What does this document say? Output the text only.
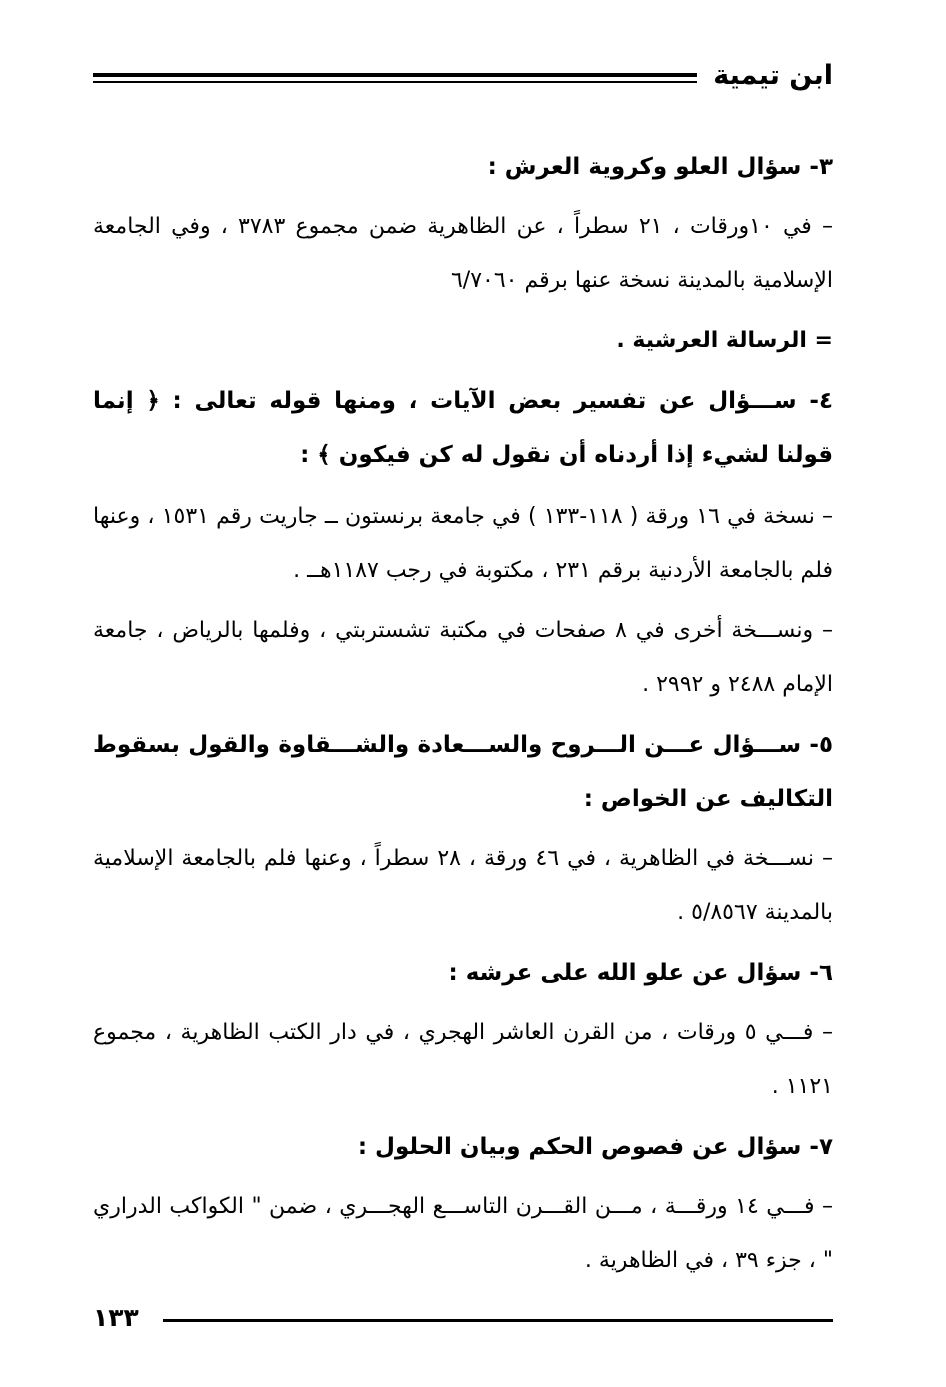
ابن تيمية

٣- سؤال العلو وكروية العرش :

– في ١٠ورقات ، ٢١ سطراً ، عن الظاهرية ضمن مجموع ٣٧٨٣ ، وفي الجامعة الإسلامية بالمدينة نسخة عنها برقم ٦/٧٠٦٠

= الرسالة العرشية .

٤- ســـؤال عن تفسير بعض الآيات ، ومنها قوله تعالى : ﴿ إنما قولنا لشيء إذا أردناه أن نقول له كن فيكون ﴾ :

– نسخة في ١٦ ورقة ( ١١٨-١٣٣ ) في جامعة برنستون ــ جاريت رقم ١٥٣١ ، وعنها فلم بالجامعة الأردنية برقم ٢٣١ ، مكتوبة في رجب ١١٨٧هــ .

– ونســـخة أخرى في ٨ صفحات في مكتبة تشستربتي ، وفلمها بالرياض ، جامعة الإمام ٢٤٨٨ و ٢٩٩٢ .

٥- ســـؤال عـــن الـــروح والســـعادة والشـــقاوة والقول بسقوط التكاليف عن الخواص :

– نســـخة في الظاهرية ، في ٤٦ ورقة ، ٢٨ سطراً ، وعنها فلم بالجامعة الإسلامية بالمدينة ٥/٨٥٦٧ .

٦- سؤال عن علو الله على عرشه :

– فـــي ٥ ورقات ، من القرن العاشر الهجري ، في دار الكتب الظاهرية ، مجموع ١١٢١ .

٧- سؤال عن فصوص الحكم وبيان الحلول :

– فـــي ١٤ ورقـــة ، مـــن القـــرن التاســـع الهجـــري ، ضمن " الكواكب الدراري " ، جزء ٣٩ ، في الظاهرية .

١٣٣
